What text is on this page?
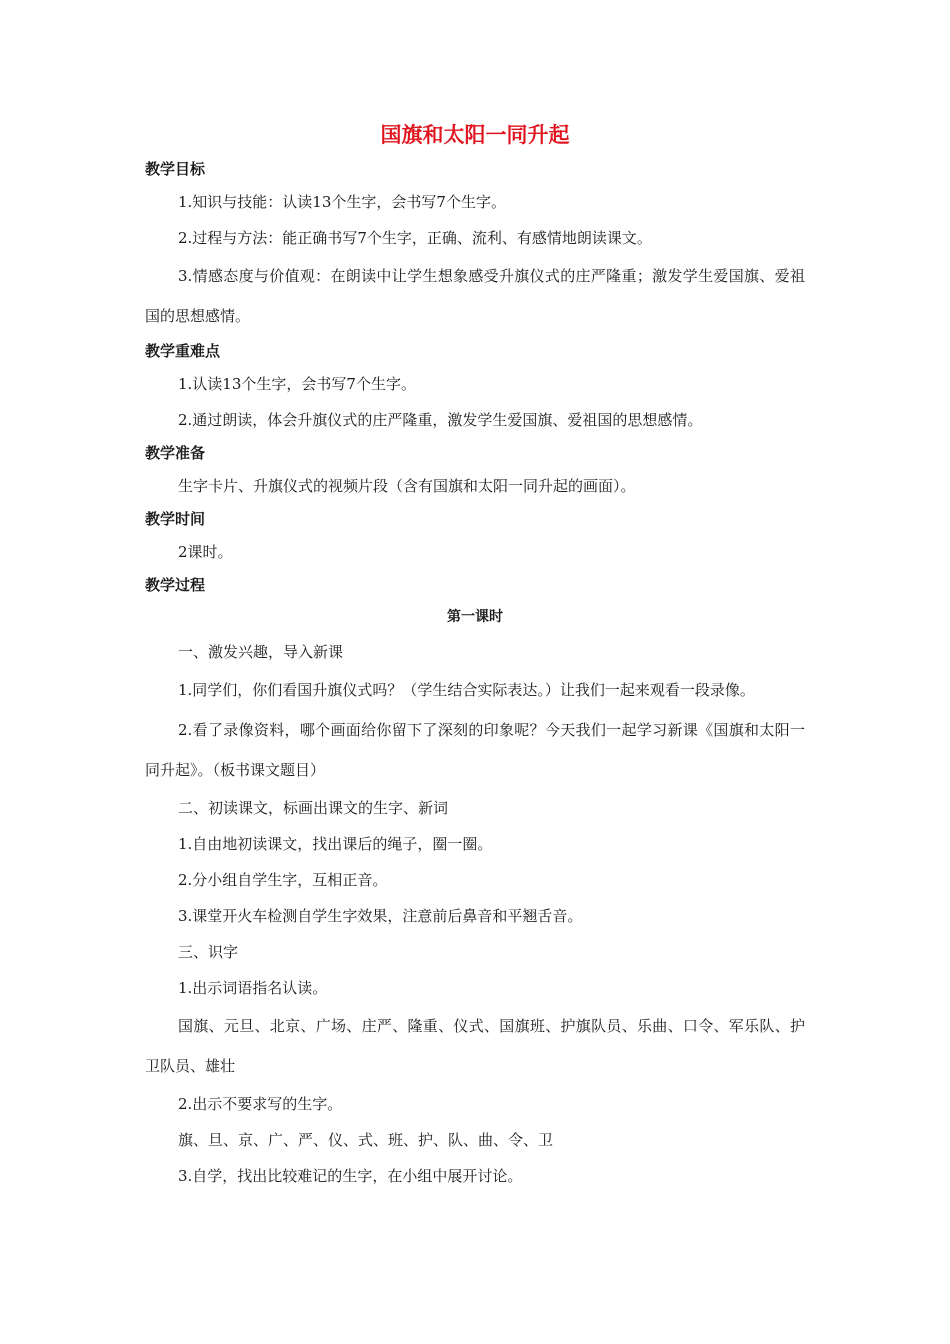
国旗和太阳一同升起
教学目标

1.知识与技能：认读13个生字，会书写7个生字。

2.过程与方法：能正确书写7个生字，正确、流利、有感情地朗读课文。

3.情感态度与价值观：在朗读中让学生想象感受升旗仪式的庄严隆重；激发学生爱国旗、爱祖国的思想感情。

教学重难点

1.认读13个生字，会书写7个生字。

2.通过朗读，体会升旗仪式的庄严隆重，激发学生爱国旗、爱祖国的思想感情。

教学准备

生字卡片、升旗仪式的视频片段（含有国旗和太阳一同升起的画面）。

教学时间

2课时。

教学过程
第一课时

一、激发兴趣，导入新课

1.同学们，你们看国升旗仪式吗？（学生结合实际表达。）让我们一起来观看一段录像。

2.看了录像资料，哪个画面给你留下了深刻的印象呢？今天我们一起学习新课《国旗和太阳一同升起》。（板书课文题目）

二、初读课文，标画出课文的生字、新词

1.自由地初读课文，找出课后的绳子，圈一圈。

2.分小组自学生字，互相正音。

3.课堂开火车检测自学生字效果，注意前后鼻音和平翘舌音。

三、识字

1.出示词语指名认读。

国旗、元旦、北京、广场、庄严、隆重、仪式、国旗班、护旗队员、乐曲、口令、军乐队、护卫队员、雄壮

2.出示不要求写的生字。

旗、旦、京、广、严、仪、式、班、护、队、曲、令、卫

3.自学，找出比较难记的生字，在小组中展开讨论。
